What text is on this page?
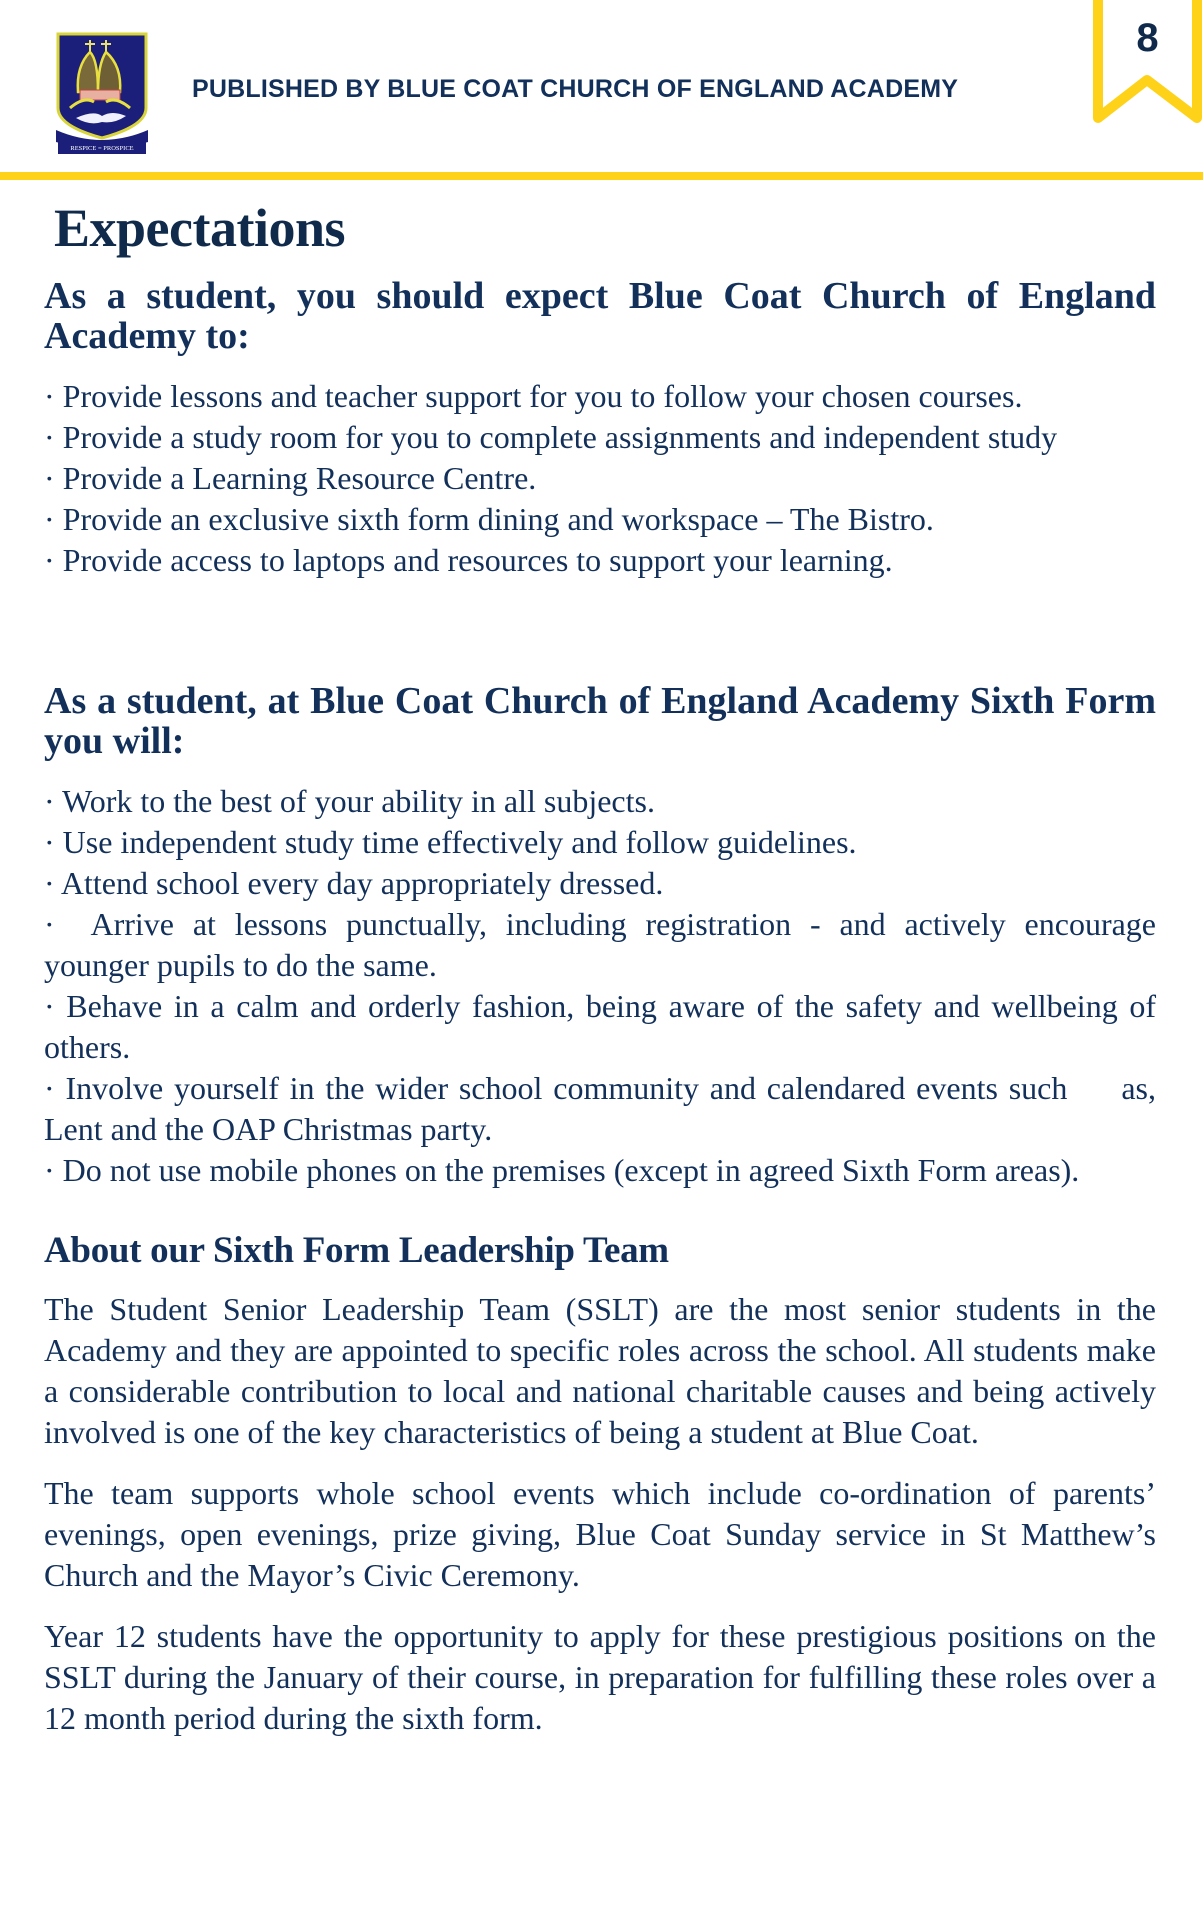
RESPICE = PROSPICE
PUBLISHED BY BLUE COAT CHURCH OF ENGLAND ACADEMY
8
Expectations
As a student, you should expect Blue Coat Church of England Academy to:
· Provide lessons and teacher support for you to follow your chosen courses.
· Provide a study room for you to complete assignments and independent study
· Provide a Learning Resource Centre.
· Provide an exclusive sixth form dining and workspace – The Bistro.
· Provide access to laptops and resources to support your learning.
As a student, at Blue Coat Church of England Academy Sixth Form you will:
· Work to the best of your ability in all subjects.
· Use independent study time effectively and follow guidelines.
· Attend school every day appropriately dressed.
·  Arrive at lessons punctually, including registration - and actively encourage     younger pupils to do the same.
· Behave in a calm and orderly fashion, being aware of the safety and wellbeing of others.
· Involve yourself in the wider school community and calendared events such     as, Lent and the OAP Christmas party.
· Do not use mobile phones on the premises (except in agreed Sixth Form areas).
About our Sixth Form Leadership Team

The Student Senior Leadership Team (SSLT) are the most senior students in the Academy and they are appointed to specific roles across the school. All students make a considerable contribution to local and national charitable causes and being actively involved is one of the key characteristics of being a student at Blue Coat.

The team supports whole school events which include co-ordination of parents’ evenings, open evenings, prize giving, Blue Coat Sunday service in St Matthew’s Church and the Mayor’s Civic Ceremony.

Year 12 students have the opportunity to apply for these prestigious positions on the SSLT during the January of their course, in preparation for fulfilling these roles over a 12 month period during the sixth form.
